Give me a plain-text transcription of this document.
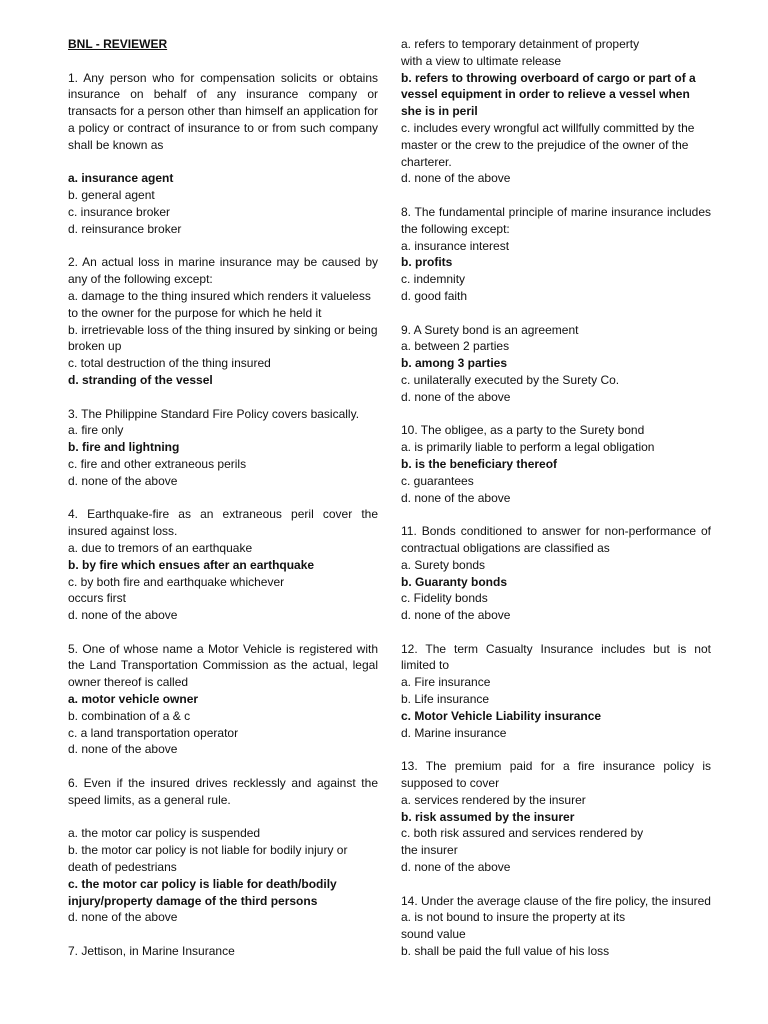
BNL - REVIEWER
1. Any person who for compensation solicits or obtains insurance on behalf of any insurance company or transacts for a person other than himself an application for a policy or contract of insurance to or from such company shall be known as
a. insurance agent
b. general agent
c. insurance broker
d. reinsurance broker
2. An actual loss in marine insurance may be caused by any of the following except:
a. damage to the thing insured which renders it valueless to the owner for the purpose for which he held it
b. irretrievable loss of the thing insured by sinking or being broken up
c. total destruction of the thing insured
d. stranding of the vessel
3. The Philippine Standard Fire Policy covers basically.
a. fire only
b. fire and lightning
c. fire and other extraneous perils
d. none of the above
4. Earthquake-fire as an extraneous peril cover the insured against loss.
a. due to tremors of an earthquake
b. by fire which ensues after an earthquake
c. by both fire and earthquake whichever
occurs first
d. none of the above
5. One of whose name a Motor Vehicle is registered with the Land Transportation Commission as the actual, legal owner thereof is called
a. motor vehicle owner
b. combination of a & c
c. a land transportation operator
d. none of the above
6. Even if the insured drives recklessly and against the speed limits, as a general rule.
a. the motor car policy is suspended
b. the motor car policy is not liable for bodily injury or death of pedestrians
c. the motor car policy is liable for death/bodily injury/property damage of the third persons
d. none of the above
7. Jettison, in Marine Insurance
a. refers to temporary detainment of property
with a view to ultimate release
b. refers to throwing overboard of cargo or part of a vessel equipment in order to relieve a vessel when she is in peril
c. includes every wrongful act willfully committed by the master or the crew to the prejudice of the owner of the charterer.
d. none of the above
8. The fundamental principle of marine insurance includes the following except:
a. insurance interest
b. profits
c. indemnity
d. good faith
9. A Surety bond is an agreement
a. between 2 parties
b. among 3 parties
c. unilaterally executed by the Surety Co.
d. none of the above
10. The obligee, as a party to the Surety bond
a. is primarily liable to perform a legal obligation
b. is the beneficiary thereof
c. guarantees
d. none of the above
11. Bonds conditioned to answer for non-performance of contractual obligations are classified as
a. Surety bonds
b. Guaranty bonds
c. Fidelity bonds
d. none of the above
12. The term Casualty Insurance includes but is not limited to
a. Fire insurance
b. Life insurance
c. Motor Vehicle Liability insurance
d. Marine insurance
13. The premium paid for a fire insurance policy is supposed to cover
a. services rendered by the insurer
b. risk assumed by the insurer
c. both risk assured and services rendered by
the insurer
d. none of the above
14. Under the average clause of the fire policy, the insured
a. is not bound to insure the property at its
sound value
b. shall be paid the full value of his loss
